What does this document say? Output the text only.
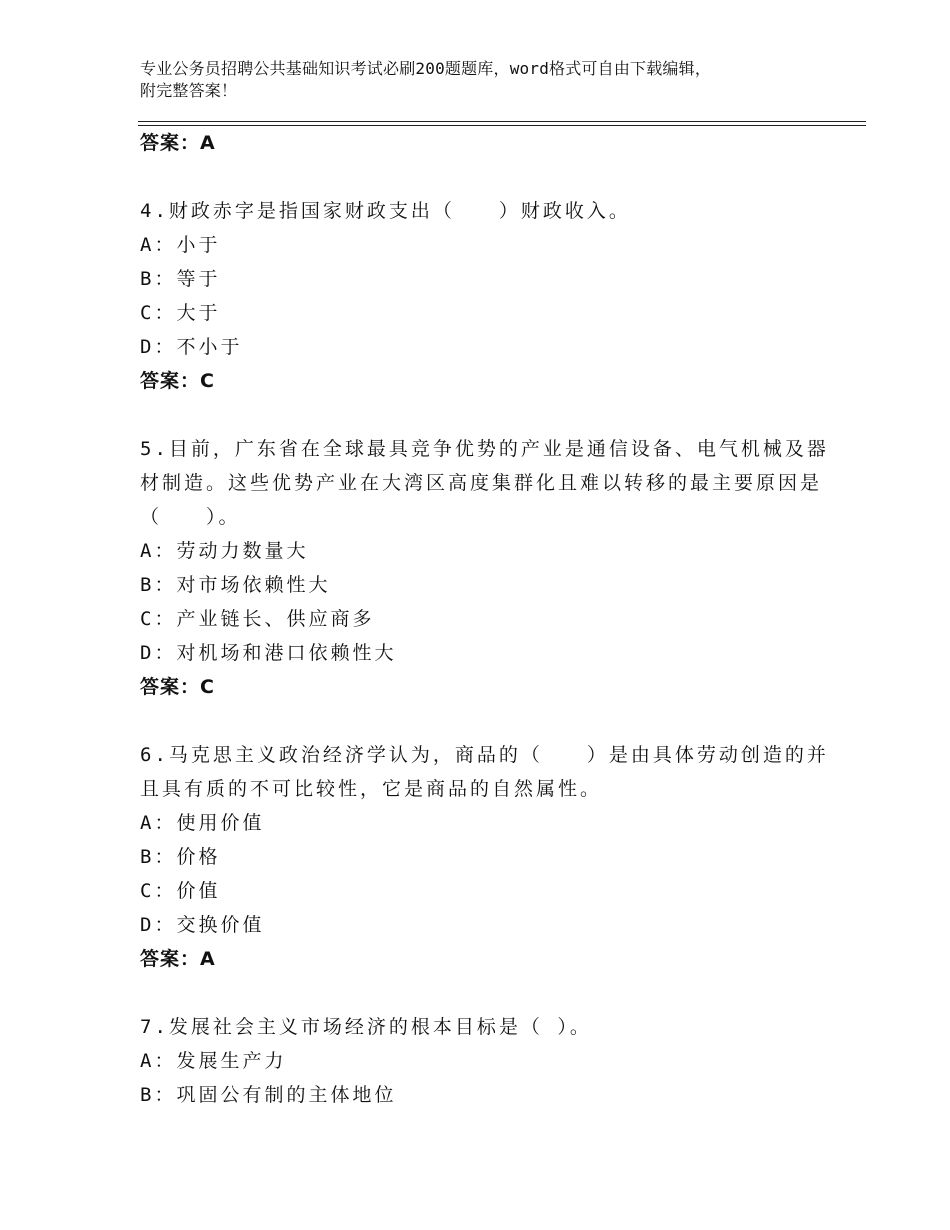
专业公务员招聘公共基础知识考试必刷200题题库，word格式可自由下载编辑，
附完整答案！
答案：A
4.财政赤字是指国家财政支出（　　）财政收入。
A：小于
B：等于
C：大于
D：不小于
答案：C
5.目前，广东省在全球最具竞争优势的产业是通信设备、电气机械及器材制造。这些优势产业在大湾区高度集群化且难以转移的最主要原因是（　　）。
A：劳动力数量大
B：对市场依赖性大
C：产业链长、供应商多
D：对机场和港口依赖性大
答案：C
6.马克思主义政治经济学认为，商品的（　　）是由具体劳动创造的并且具有质的不可比较性，它是商品的自然属性。
A：使用价值
B：价格
C：价值
D：交换价值
答案：A
7.发展社会主义市场经济的根本目标是（ ）。
A：发展生产力
B：巩固公有制的主体地位
